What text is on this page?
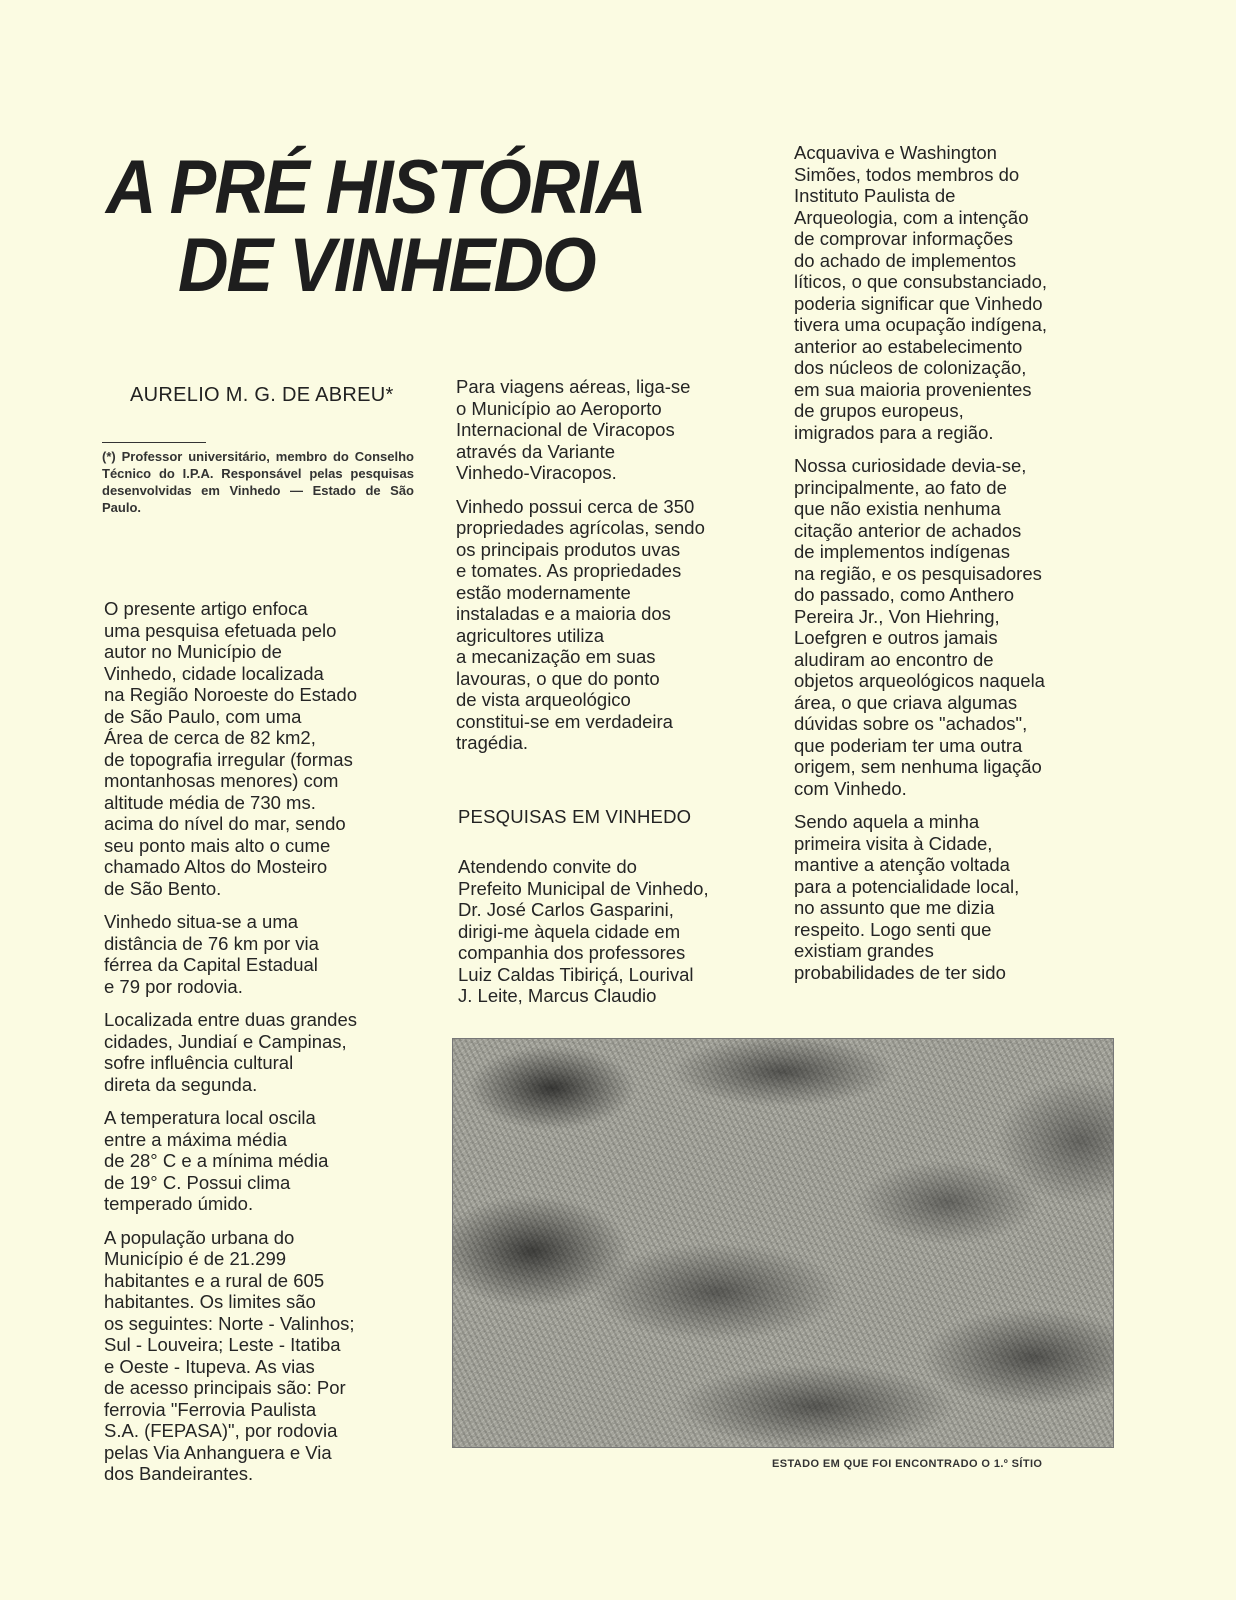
A PRÉ HISTÓRIA
DE VINHEDO
AURELIO M. G. DE ABREU*
(*) Professor universitário, membro do Conselho Técnico do I.P.A. Responsável pelas pesquisas desenvolvidas em Vinhedo — Estado de São Paulo.

O presente artigo enfoca
uma pesquisa efetuada pelo
autor no Município de
Vinhedo, cidade localizada
na Região Noroeste do Estado
de São Paulo, com uma
Área de cerca de 82 km2,
de topografia irregular (formas
montanhosas menores) com
altitude média de 730 ms.
acima do nível do mar, sendo
seu ponto mais alto o cume
chamado Altos do Mosteiro
de São Bento.

Vinhedo situa-se a uma
distância de 76 km por via
férrea da Capital Estadual
e 79 por rodovia.

Localizada entre duas grandes
cidades, Jundiaí e Campinas,
sofre influência cultural
direta da segunda.

A temperatura local oscila
entre a máxima média
de 28° C e a mínima média
de 19° C. Possui clima
temperado úmido.

A população urbana do
Município é de 21.299
habitantes e a rural de 605
habitantes. Os limites são
os seguintes: Norte - Valinhos;
Sul - Louveira; Leste - Itatiba
e Oeste - Itupeva. As vias
de acesso principais são: Por
ferrovia "Ferrovia Paulista
S.A. (FEPASA)", por rodovia
pelas Via Anhanguera e Via
dos Bandeirantes.

Para viagens aéreas, liga-se
o Município ao Aeroporto
Internacional de Viracopos
através da Variante
Vinhedo-Viracopos.

Vinhedo possui cerca de 350
propriedades agrícolas, sendo
os principais produtos uvas
e tomates. As propriedades
estão modernamente
instaladas e a maioria dos
agricultores utiliza
a mecanização em suas
lavouras, o que do ponto
de vista arqueológico
constitui-se em verdadeira
tragédia.

PESQUISAS EM VINHEDO

Atendendo convite do
Prefeito Municipal de Vinhedo,
Dr. José Carlos Gasparini,
dirigi-me àquela cidade em
companhia dos professores
Luiz Caldas Tibiriçá, Lourival
J. Leite, Marcus Claudio

Acquaviva e Washington
Simões, todos membros do
Instituto Paulista de
Arqueologia, com a intenção
de comprovar informações
do achado de implementos
líticos, o que consubstanciado,
poderia significar que Vinhedo
tivera uma ocupação indígena,
anterior ao estabelecimento
dos núcleos de colonização,
em sua maioria provenientes
de grupos europeus,
imigrados para a região.

Nossa curiosidade devia-se,
principalmente, ao fato de
que não existia nenhuma
citação anterior de achados
de implementos indígenas
na região, e os pesquisadores
do passado, como Anthero
Pereira Jr., Von Hiehring,
Loefgren e outros jamais
aludiram ao encontro de
objetos arqueológicos naquela
área, o que criava algumas
dúvidas sobre os "achados",
que poderiam ter uma outra
origem, sem nenhuma ligação
com Vinhedo.

Sendo aquela a minha
primeira visita à Cidade,
mantive a atenção voltada
para a potencialidade local,
no assunto que me dizia
respeito. Logo senti que
existiam grandes
probabilidades de ter sido

ESTADO EM QUE FOI ENCONTRADO O 1.º SÍTIO
